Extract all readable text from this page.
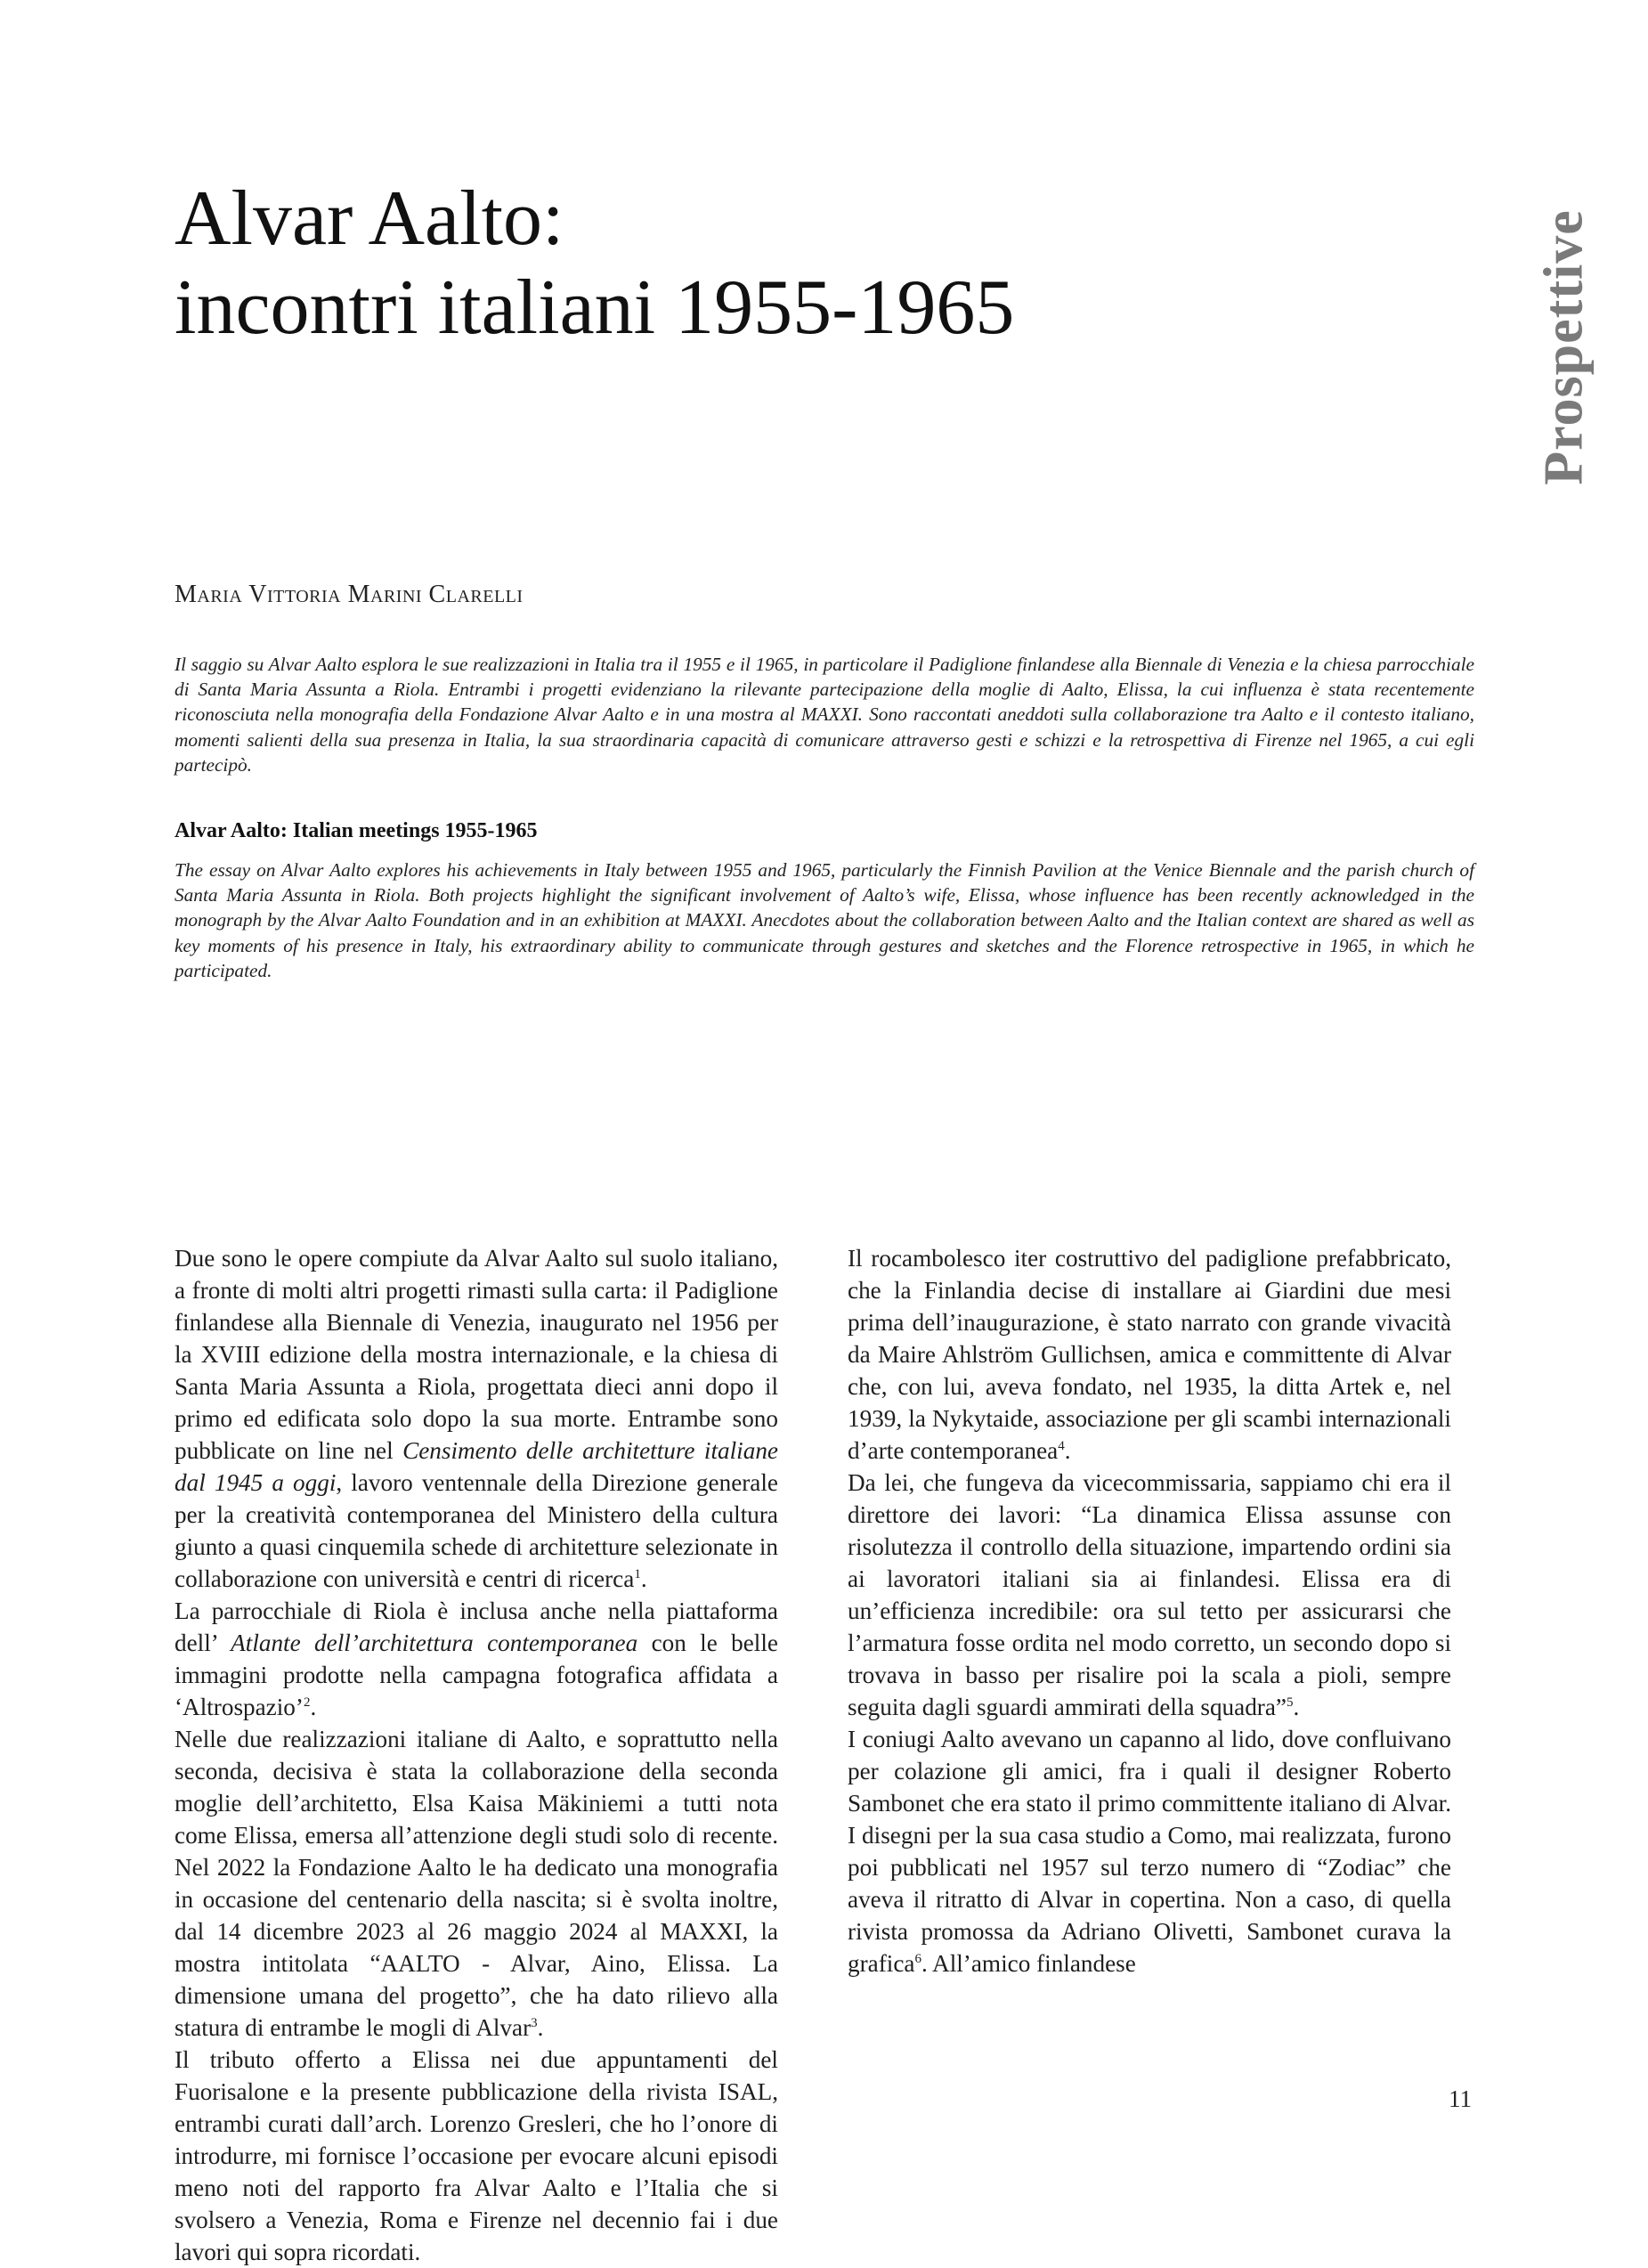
Alvar Aalto:
incontri italiani 1955-1965	Prospettive
Maria Vittoria Marini Clarelli

Il saggio su Alvar Aalto esplora le sue realizzazioni in Italia tra il 1955 e il 1965, in particolare il Padiglione finlandese alla Biennale di Venezia e la chiesa parrocchiale di Santa Maria Assunta a Riola. Entrambi i progetti evidenziano la rilevante partecipazione della moglie di Aalto, Elissa, la cui influenza è stata recentemente riconosciuta nella monografia della Fondazione Alvar Aalto e in una mostra al MAXXI. Sono raccontati aneddoti sulla collaborazione tra Aalto e il contesto italiano, momenti salienti della sua presenza in Italia, la sua straordinaria capacità di comunicare attraverso gesti e schizzi e la retrospettiva di Firenze nel 1965, a cui egli partecipò.

Alvar Aalto: Italian meetings 1955-1965

The essay on Alvar Aalto explores his achievements in Italy between 1955 and 1965, particularly the Finnish Pavilion at the Venice Biennale and the parish church of Santa Maria Assunta in Riola. Both projects highlight the significant involvement of Aalto’s wife, Elissa, whose influence has been recently acknowledged in the monograph by the Alvar Aalto Foundation and in an exhibition at MAXXI. Anecdotes about the collaboration between Aalto and the Italian context are shared as well as key moments of his presence in Italy, his extraordinary ability to communicate through gestures and sketches and the Florence retrospective in 1965, in which he participated.

Due sono le opere compiute da Alvar Aalto sul suolo italiano, a fronte di molti altri progetti rimasti sulla carta: il Padiglione finlandese alla Biennale di Venezia, inaugurato nel 1956 per la XVIII edizione della mostra internazionale, e la chiesa di Santa Maria Assunta a Riola, progettata dieci anni dopo il primo ed edificata solo dopo la sua morte. Entrambe sono pubblicate on line nel Censimento delle architetture italiane dal 1945 a oggi, lavoro ventennale della Direzione generale per la creatività contemporanea del Ministero della cultura giunto a quasi cinquemila schede di architetture selezionate in collaborazione con università e centri di ricerca$^1$.

La parrocchiale di Riola è inclusa anche nella piattaforma dell’ Atlante dell’architettura contemporanea con le belle immagini prodotte nella campagna fotografica affidata a ‘Altrospazio’$^2$.

Nelle due realizzazioni italiane di Aalto, e soprattutto nella seconda, decisiva è stata la collaborazione della seconda moglie dell’architetto, Elsa Kaisa Mäkiniemi a tutti nota come Elissa, emersa all’attenzione degli studi solo di recente. Nel 2022 la Fondazione Aalto le ha dedicato una monografia in occasione del centenario della nascita; si è svolta inoltre, dal 14 dicembre 2023 al 26 maggio 2024 al MAXXI, la mostra intitolata “AALTO - Alvar, Aino, Elissa. La dimensione umana del progetto”, che ha dato rilievo alla statura di entrambe le mogli di Alvar$^3$.

Il tributo offerto a Elissa nei due appuntamenti del Fuorisalone e la presente pubblicazione della rivista ISAL, entrambi curati dall’arch. Lorenzo Gresleri, che ho l’onore di introdurre, mi fornisce l’occasione per evocare alcuni episodi meno noti del rapporto fra Alvar Aalto e l’Italia che si svolsero a Venezia, Roma e Firenze nel decennio fai i due lavori qui sopra ricordati.

Il rocambolesco iter costruttivo del padiglione prefabbricato, che la Finlandia decise di installare ai Giardini due mesi prima dell’inaugurazione, è stato narrato con grande vivacità da Maire Ahlström Gullichsen, amica e committente di Alvar che, con lui, aveva fondato, nel 1935, la ditta Artek e, nel 1939, la Nykytaide, associazione per gli scambi internazionali d’arte contemporanea$^4$.

Da lei, che fungeva da vicecommissaria, sappiamo chi era il direttore dei lavori: “La dinamica Elissa assunse con risolutezza il controllo della situazione, impartendo ordini sia ai lavoratori italiani sia ai finlandesi. Elissa era di un’efficienza incredibile: ora sul tetto per assicurarsi che l’armatura fosse ordita nel modo corretto, un secondo dopo si trovava in basso per risalire poi la scala a pioli, sempre seguita dagli sguardi ammirati della squadra”$^5$.

I coniugi Aalto avevano un capanno al lido, dove confluivano per colazione gli amici, fra i quali il designer Roberto Sambonet che era stato il primo committente italiano di Alvar. I disegni per la sua casa studio a Como, mai realizzata, furono poi pubblicati nel 1957 sul terzo numero di “Zodiac” che aveva il ritratto di Alvar in copertina. Non a caso, di quella rivista promossa da Adriano Olivetti, Sambonet curava la grafica$^6$. All’amico finlandese

11
